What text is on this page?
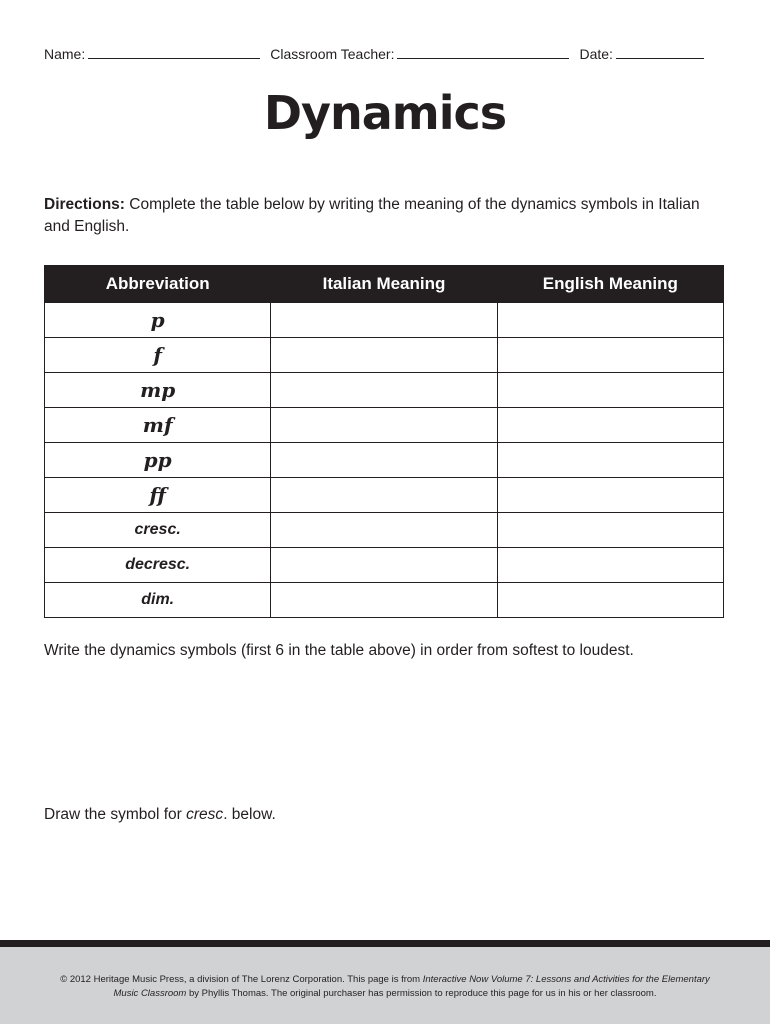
Name:	Classroom Teacher:	Date:
Dynamics
Directions: Complete the table below by writing the meaning of the dynamics symbols in Italian and English.
Abbreviation	Italian Meaning	English Meaning
p		
f		
mp		
mf		
pp		
ff		
cresc.		
decresc.		
dim.		
Write the dynamics symbols (first 6 in the table above) in order from softest to loudest.
Draw the symbol for cresc. below.
© 2012 Heritage Music Press, a division of The Lorenz Corporation. This page is from Interactive Now Volume 7: Lessons and Activities for the Elementary
Music Classroom by Phyllis Thomas. The original purchaser has permission to reproduce this page for us in his or her classroom.
